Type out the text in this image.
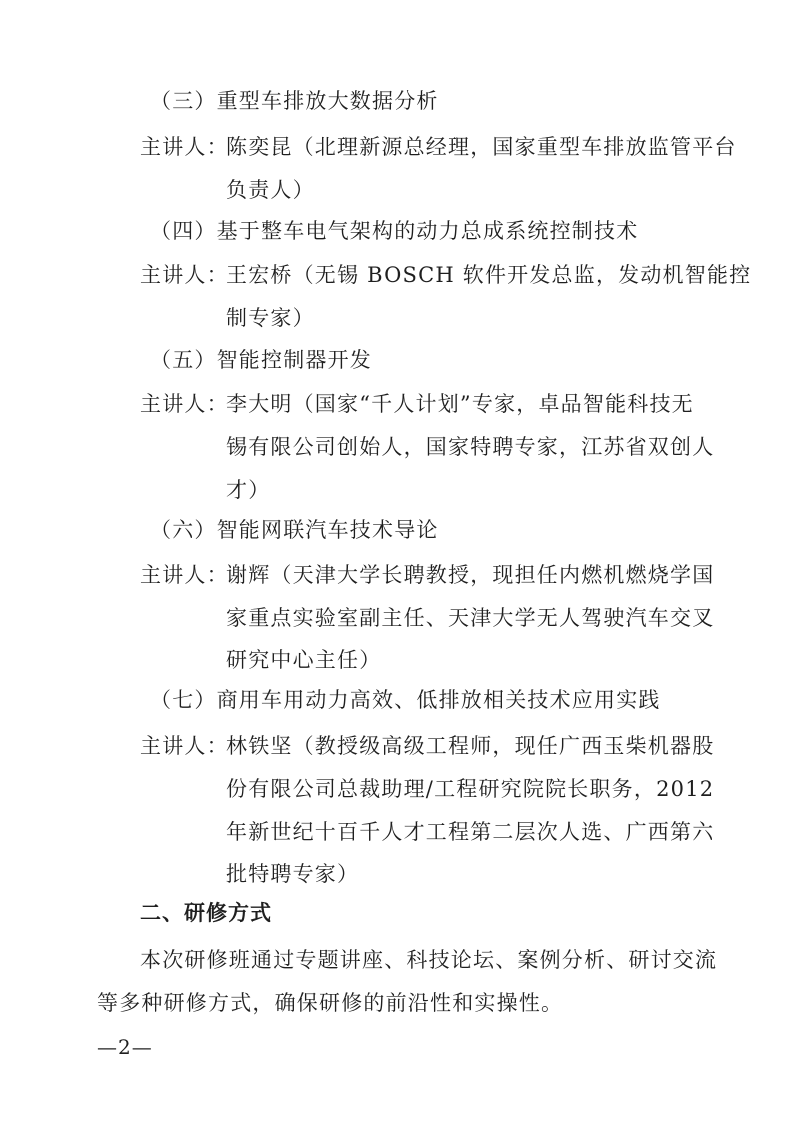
（三）重型车排放大数据分析
主讲人：
陈奕昆（北理新源总经理，国家重型车排放监管平台
负责人）
（四）基于整车电气架构的动力总成系统控制技术
主讲人：
王宏桥（无锡 BOSCH 软件开发总监，发动机智能控
制专家）
（五）智能控制器开发
主讲人：
李大明（国家“千人计划”专家，卓品智能科技无
锡有限公司创始人，国家特聘专家，江苏省双创人
才）
（六）智能网联汽车技术导论
主讲人：
谢辉（天津大学长聘教授，现担任内燃机燃烧学国
家重点实验室副主任、天津大学无人驾驶汽车交叉
研究中心主任）
（七）商用车用动力高效、低排放相关技术应用实践
主讲人：
林铁坚（教授级高级工程师，现任广西玉柴机器股
份有限公司总裁助理/工程研究院院长职务，2012
年新世纪十百千人才工程第二层次人选、广西第六
批特聘专家）
二、研修方式
本次研修班通过专题讲座、科技论坛、案例分析、研讨交流
等多种研修方式，确保研修的前沿性和实操性。
—2—
